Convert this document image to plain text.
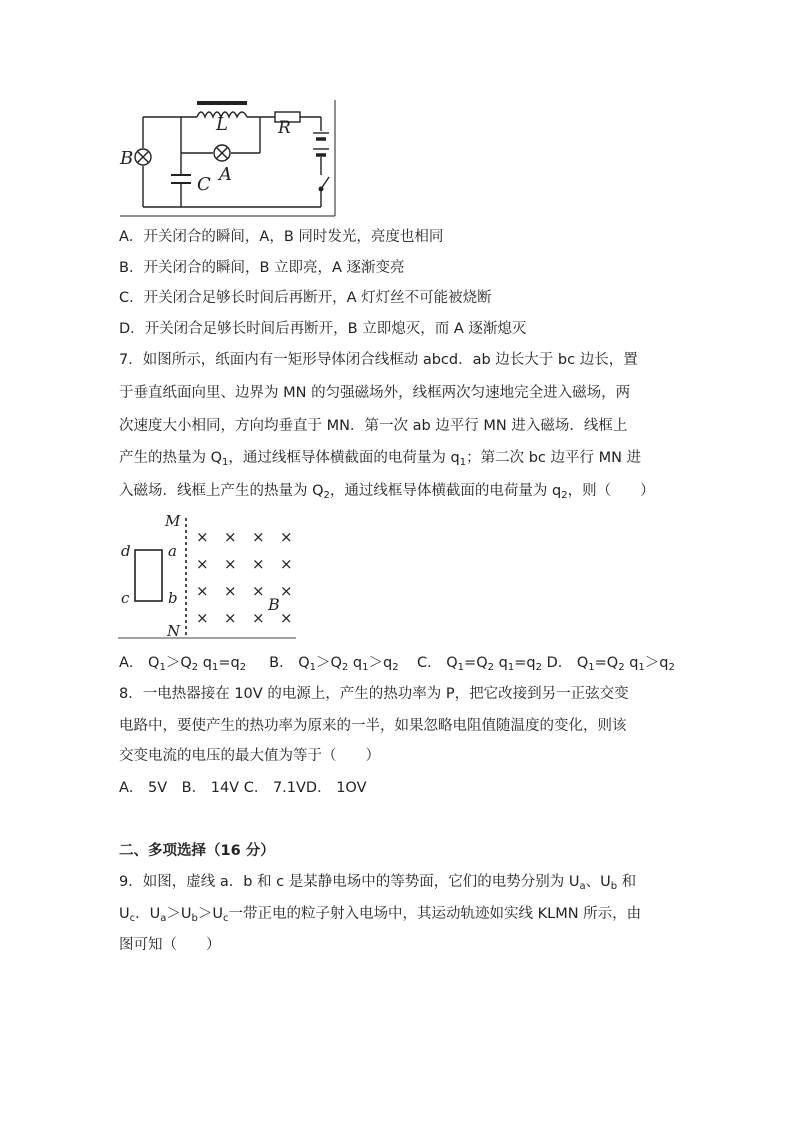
B
L	R
C A
A．开关闭合的瞬间，A，B 同时发光，亮度也相同
B．开关闭合的瞬间，B 立即亮，A 逐渐变亮
C．开关闭合足够长时间后再断开，A 灯灯丝不可能被烧断
D．开关闭合足够长时间后再断开，B 立即熄灭，而 A 逐渐熄灭
7．如图所示，纸面内有一矩形导体闭合线框动 abcd．ab 边长大于 bc 边长，置
于垂直纸面向里、边界为 MN 的匀强磁场外，线框两次匀速地完全进入磁场，两
次速度大小相同，方向均垂直于 MN．第一次 ab 边平行 MN 进入磁场．线框上
产生的热量为 $Q_1$，通过线框导体横截面的电荷量为 $q_1$；第二次 bc 边平行 MN 进
入磁场．线框上产生的热量为 $Q_2$，通过线框导体横截面的电荷量为 $q_2$，则（　　）
M
N
d a
c	b	B
× × × ×
× × × ×
× × × ×
× × × ×
A． $Q_1>Q_2$ $q_1=q_2$ B． $Q_1>Q_2$ $q_1>q_2$ C． $Q_1=Q_2$ $q_1=q_2$ D． $Q_1=Q_2$ $q_1>q_2$
8．一电热器接在 10V 的电源上，产生的热功率为 P，把它改接到另一正弦交变
电路中，要使产生的热功率为原来的一半，如果忽略电阻值随温度的变化，则该
交变电流的电压的最大值为等于（　　）
A． 5V　B． 14V C． 7.1VD． 1OV
二、多项选择（16 分）
9．如图，虚线 a．b 和 c 是某静电场中的等势面，它们的电势分别为 $U_a$、$U_b$ 和
$U_c$．$U_a>U_b>U_c$一带正电的粒子射入电场中，其运动轨迹如实线 KLMN 所示，由
图可知（　　）
